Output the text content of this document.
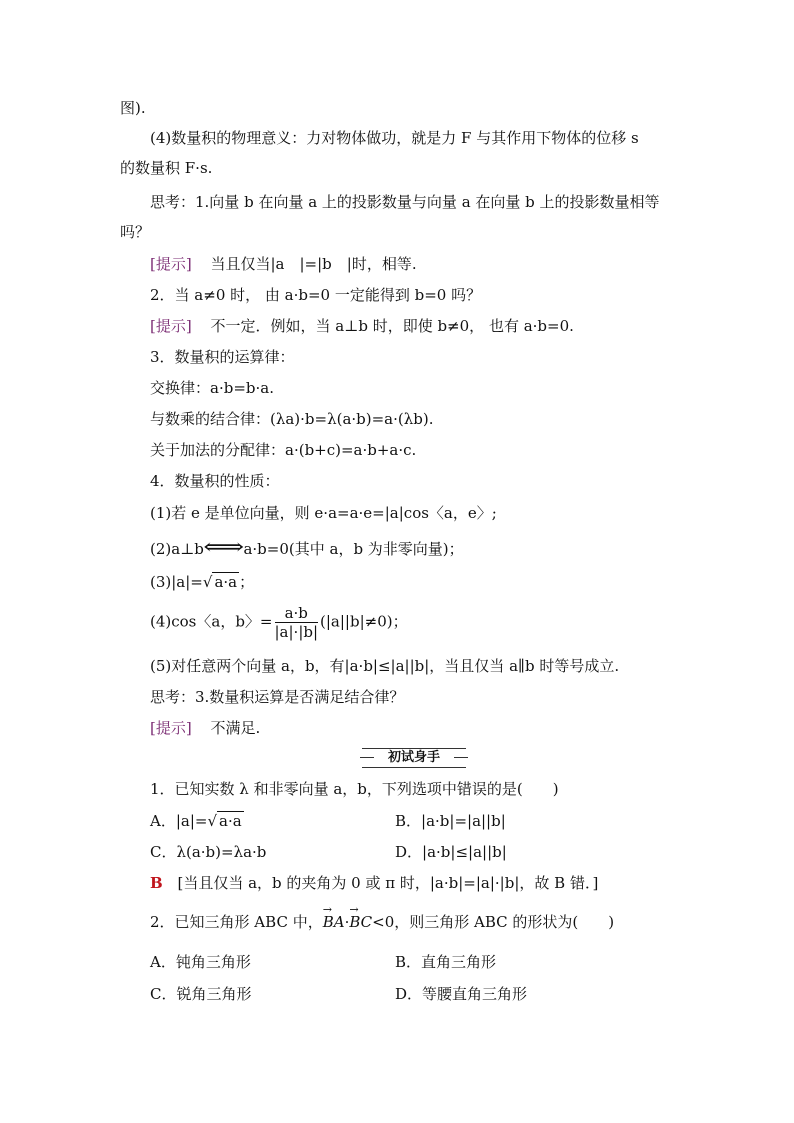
图).
(4)数量积的物理意义：力对物体做功，就是力 F 与其作用下物体的位移 s
的数量积 F·s.
思考：1.向量 b 在向量 a 上的投影数量与向量 a 在向量 b 上的投影数量相等
吗？
[提示] 当且仅当|a　|=|b　|时，相等.
2．当 a≠0 时， 由 a·b=0 一定能得到 b=0 吗？
[提示] 不一定．例如，当 a⊥b 时，即使 b≠0， 也有 a·b=0.
3．数量积的运算律：
交换律：a·b=b·a.
与数乘的结合律：(λa)·b=λ(a·b)=a·(λb).
关于加法的分配律：a·(b+c)=a·b+a·c.
4．数量积的性质：
(1)若 e 是单位向量，则 e·a=a·e=|a|cos〈a，e〉;
(2)a⊥b⟺a·b=0(其中 a，b 为非零向量)；
(3)|a|=√ a·a ；
(4)cos〈a，b〉= $\frac{a\cdot b}{|a|\cdot|b|} (|a||b|\ne 0)$；
(5)对任意两个向量 a，b，有|a·b|≤|a||b|，当且仅当 a∥b 时等号成立.
思考：3.数量积运算是否满足结合律？
[提示] 不满足.
初试身手
1．已知实数 λ 和非零向量 a，b，下列选项中错误的是(　　)
A．|a|=√ a·a	B．|a·b|=|a||b|
C．λ(a·b)=λa·b	D．|a·b|≤|a||b|
B [当且仅当 a，b 的夹角为 0 或 π 时，|a·b|=|a|·|b|，故 B 错．]
2．已知三角形 ABC 中，→ BA·→ BC<0，则三角形 ABC 的形状为(　　)
A．钝角三角形	B．直角三角形
C．锐角三角形	D．等腰直角三角形
